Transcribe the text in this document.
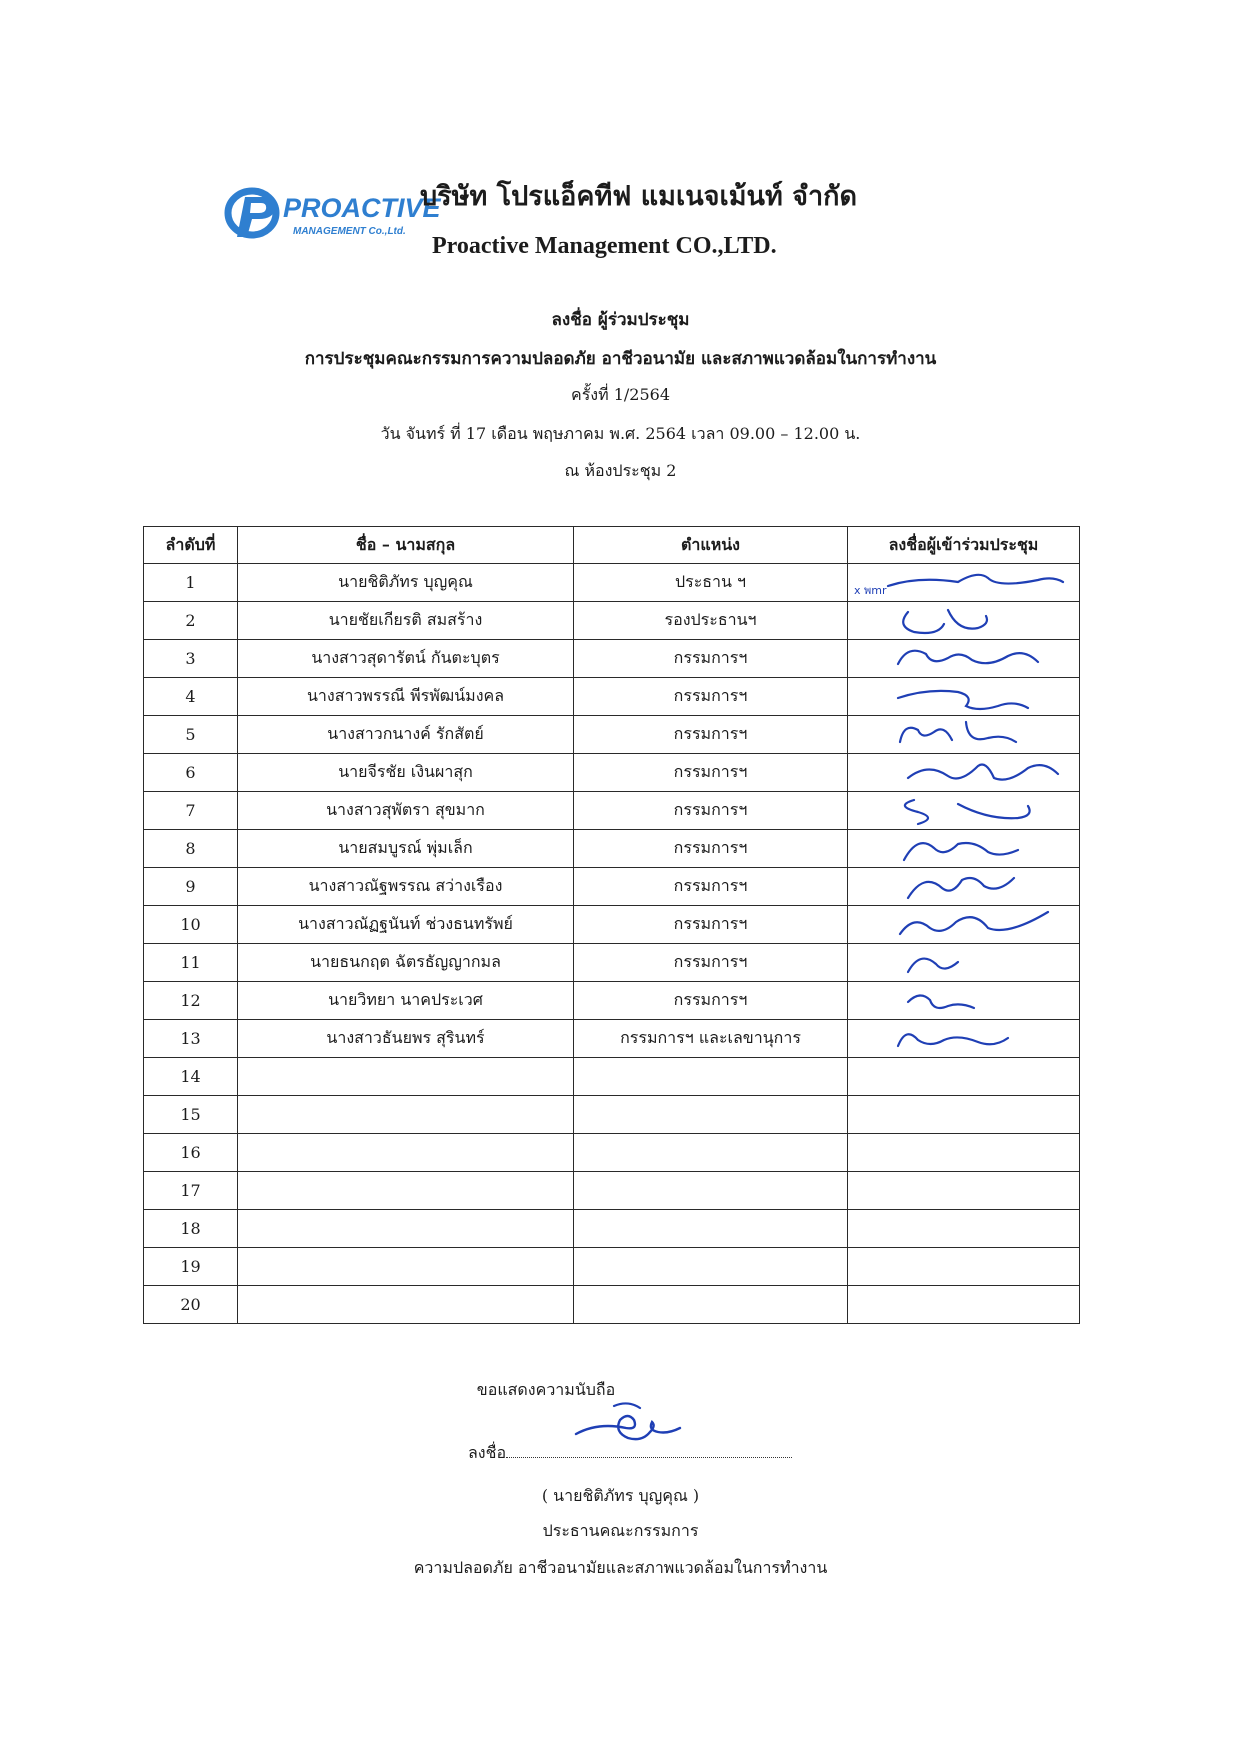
PROACTIVE
MANAGEMENT Co.,Ltd.
บริษัท โปรแอ็คทีฟ แมเนจเม้นท์ จำกัด
Proactive Management CO.,LTD.
ลงชื่อ ผู้ร่วมประชุม
การประชุมคณะกรรมการความปลอดภัย อาชีวอนามัย และสภาพแวดล้อมในการทำงาน
ครั้งที่ 1/2564
วัน จันทร์ ที่ 17 เดือน พฤษภาคม พ.ศ. 2564 เวลา 09.00 – 12.00 น.
ณ ห้องประชุม 2
ลำดับที่	ชื่อ – นามสกุล	ตำแหน่ง	ลงชื่อผู้เข้าร่วมประชุม
1	นายชิติภัทร บุญคุณ	ประธาน ฯ	x พmr

2	นายชัยเกียรติ สมสร้าง	รองประธานฯ	

3	นางสาวสุดารัตน์ กันตะบุตร	กรรมการฯ	

4	นางสาวพรรณี พีรพัฒน์มงคล	กรรมการฯ	

5	นางสาวกนางค์ รักสัตย์	กรรมการฯ	

6	นายจีรชัย เงินผาสุก	กรรมการฯ	

7	นางสาวสุพัตรา สุขมาก	กรรมการฯ	

8	นายสมบูรณ์ พุ่มเล็ก	กรรมการฯ	

9	นางสาวณัฐพรรณ สว่างเรือง	กรรมการฯ	

10	นางสาวณัฏฐนันท์ ช่วงธนทรัพย์	กรรมการฯ	

11	นายธนกฤต ฉัตรธัญญากมล	กรรมการฯ	

12	นายวิทยา นาคประเวศ	กรรมการฯ	

13	นางสาวธันยพร สุรินทร์	กรรมการฯ และเลขานุการ	

14			
15			
16			
17			
18			
19			
20			
ขอแสดงความนับถือ
ลงชื่อ
( นายชิติภัทร บุญคุณ )
ประธานคณะกรรมการ
ความปลอดภัย อาชีวอนามัยและสภาพแวดล้อมในการทำงาน
